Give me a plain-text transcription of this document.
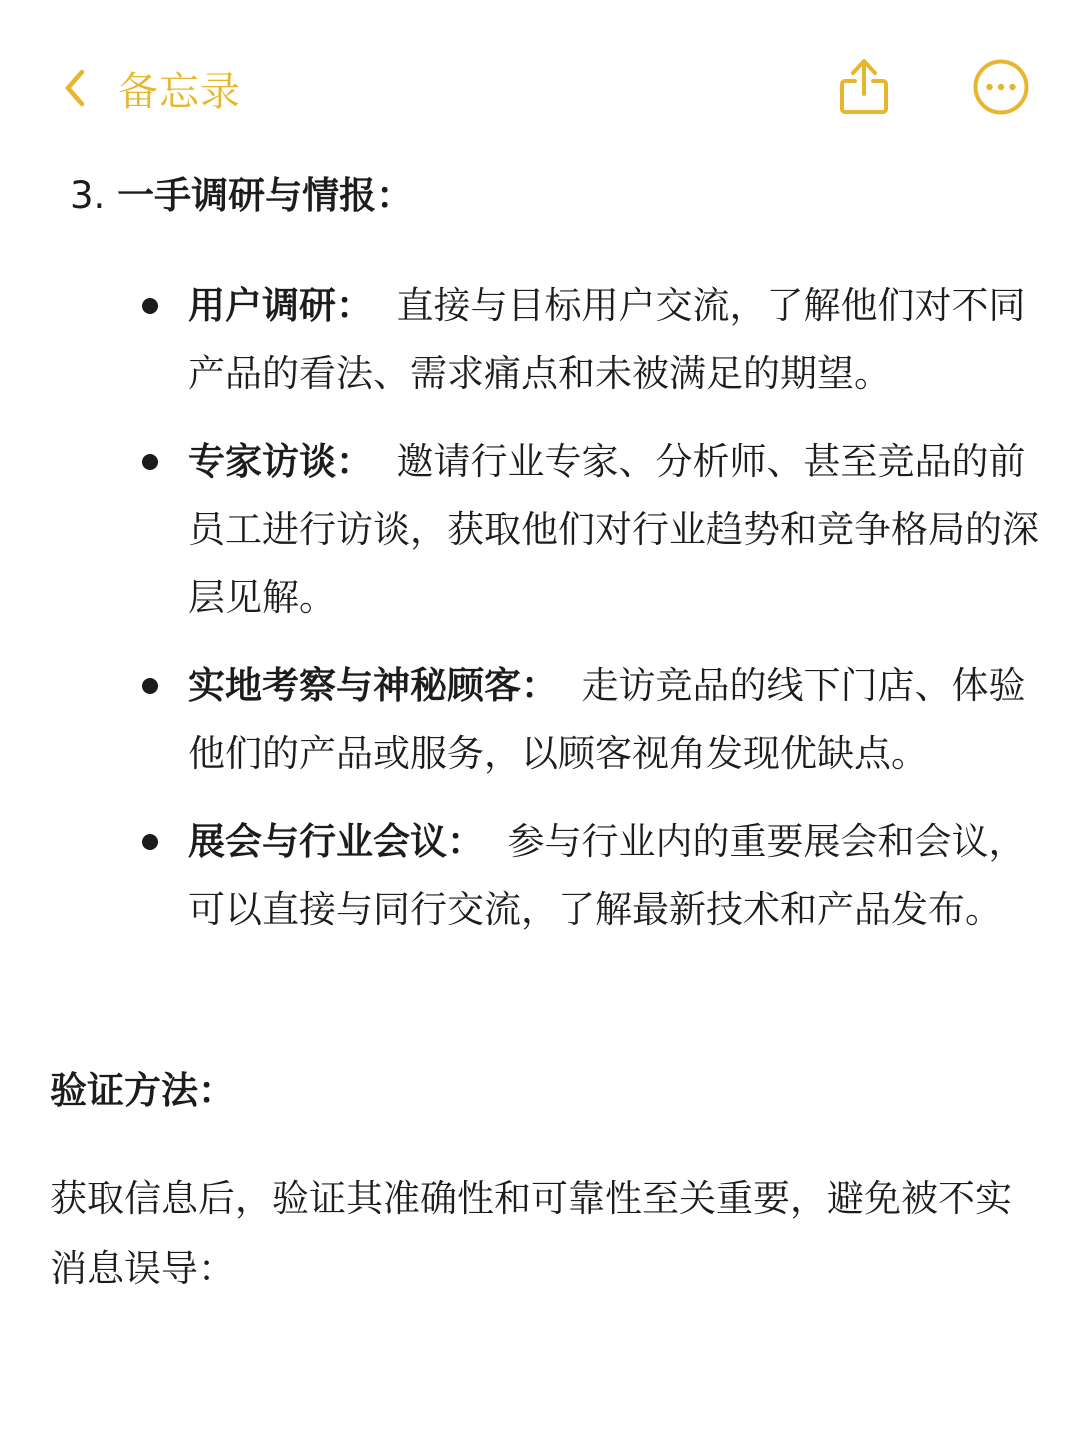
备忘录
3. 一手调研与情报：
用户调研： 直接与目标用户交流，了解他们对不同产品的看法、需求痛点和未被满足的期望。
专家访谈： 邀请行业专家、分析师、甚至竞品的前员工进行访谈，获取他们对行业趋势和竞争格局的深层见解。
实地考察与神秘顾客： 走访竞品的线下门店、体验他们的产品或服务，以顾客视角发现优缺点。
展会与行业会议： 参与行业内的重要展会和会议，可以直接与同行交流，了解最新技术和产品发布。
验证方法：
获取信息后，验证其准确性和可靠性至关重要，避免被不实消息误导：
